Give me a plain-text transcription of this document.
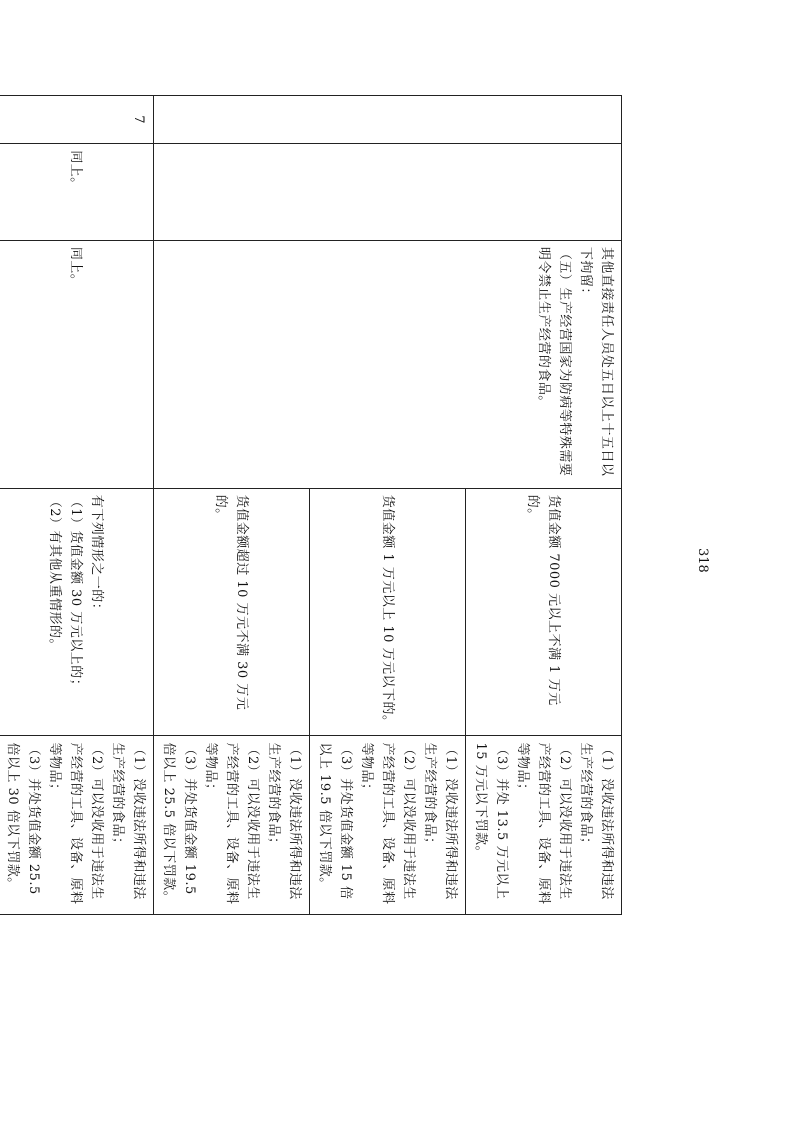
		其他直接责任人员处五日以上十五日以下拘留：
（五）生产经营国家为防病等特殊需要明令禁止生产经营的食品。	货值金额 7000 元以上不满 1 万元的。	（1）没收违法所得和违法生产经营的食品；
（2）可以没收用于违法生产经营的工具、设备、原料等物品；
（3）并处 13.5 万元以上 15 万元以下罚款。

			货值金额 1 万元以上 10 万元以下的。	（1）没收违法所得和违法生产经营的食品；
（2）可以没收用于违法生产经营的工具、设备、原料等物品；
（3）并处货值金额 15 倍以上 19.5 倍以下罚款。

			货值金额超过 10 万元不满 30 万元的。	（1）没收违法所得和违法生产经营的食品；
（2）可以没收用于违法生产经营的工具、设备、原料等物品；
（3）并处货值金额 19.5 倍以上 25.5 倍以下罚款。

7	同上。	同上。	有下列情形之一的：
（1）货值金额 30 万元以上的；
（2）有其他从重情形的。	（1）没收违法所得和违法生产经营的食品；
（2）可以没收用于违法生产经营的工具、设备、原料等物品；
（3）并处货值金额 25.5 倍以上 30 倍以下罚款。
318
